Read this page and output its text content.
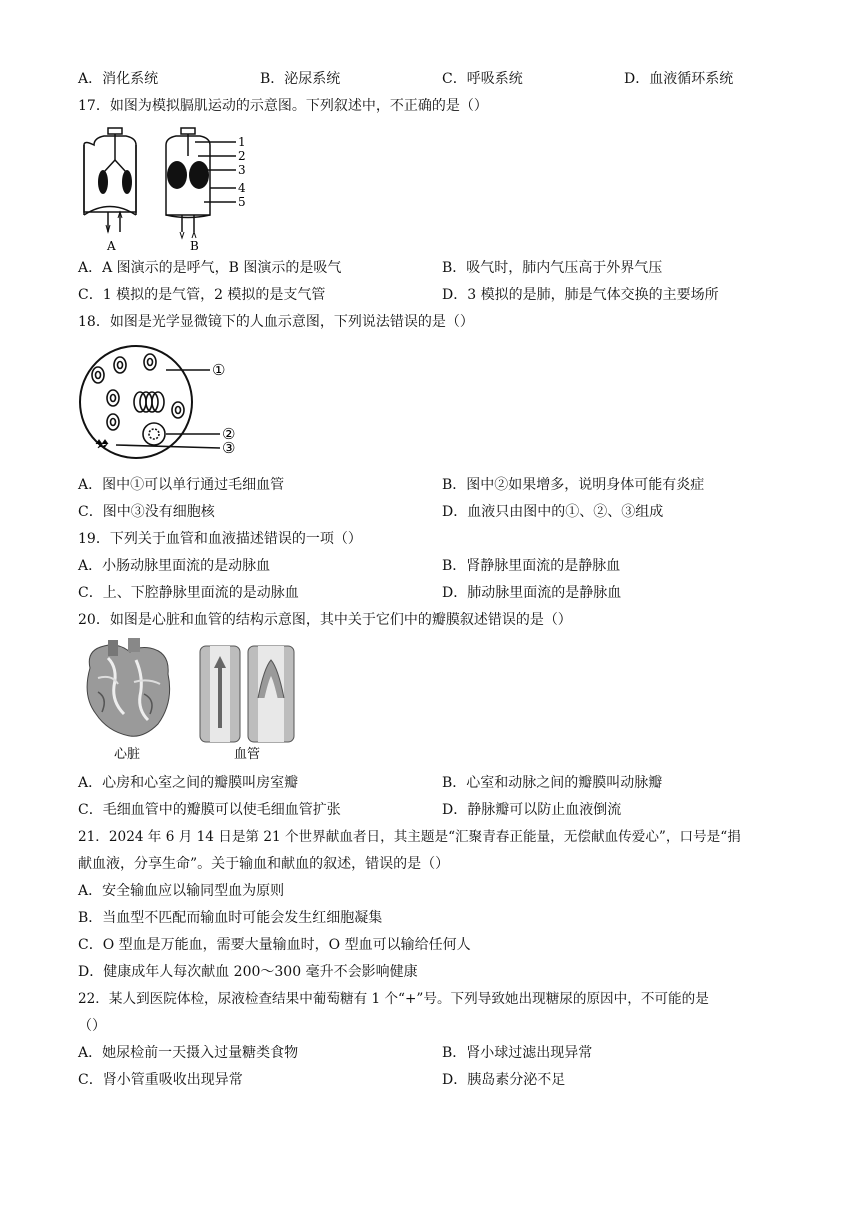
A．消化系统	B．泌尿系统	C．呼吸系统	D．血液循环系统
17．如图为模拟膈肌运动的示意图。下列叙述中，不正确的是（）
A	B
1
2
3
4
5
A．A 图演示的是呼气，B 图演示的是吸气	B．吸气时，肺内气压高于外界气压
C．1 模拟的是气管，2 模拟的是支气管	D．3 模拟的是肺，肺是气体交换的主要场所
18．如图是光学显微镜下的人血示意图，下列说法错误的是（）
①
②
③
A．图中①可以单行通过毛细血管	B．图中②如果增多，说明身体可能有炎症
C．图中③没有细胞核	D．血液只由图中的①、②、③组成
19．下列关于血管和血液描述错误的一项（）
A．小肠动脉里面流的是动脉血	B．肾静脉里面流的是静脉血
C．上、下腔静脉里面流的是动脉血	D．肺动脉里面流的是静脉血
20．如图是心脏和血管的结构示意图，其中关于它们中的瓣膜叙述错误的是（）
心脏	血管
A．心房和心室之间的瓣膜叫房室瓣	B．心室和动脉之间的瓣膜叫动脉瓣
C．毛细血管中的瓣膜可以使毛细血管扩张	D．静脉瓣可以防止血液倒流
21．2024 年 6 月 14 日是第 21 个世界献血者日，其主题是“汇聚青春正能量，无偿献血传爱心”，口号是“捐
献血液，分享生命”。关于输血和献血的叙述，错误的是（）
A．安全输血应以输同型血为原则
B．当血型不匹配而输血时可能会发生红细胞凝集
C．O 型血是万能血，需要大量输血时，O 型血可以输给任何人
D．健康成年人每次献血 200～300 毫升不会影响健康
22．某人到医院体检，尿液检查结果中葡萄糖有 1 个“+”号。下列导致她出现糖尿的原因中，不可能的是
（）
A．她尿检前一天摄入过量糖类食物	B．肾小球过滤出现异常
C．肾小管重吸收出现异常	D．胰岛素分泌不足
